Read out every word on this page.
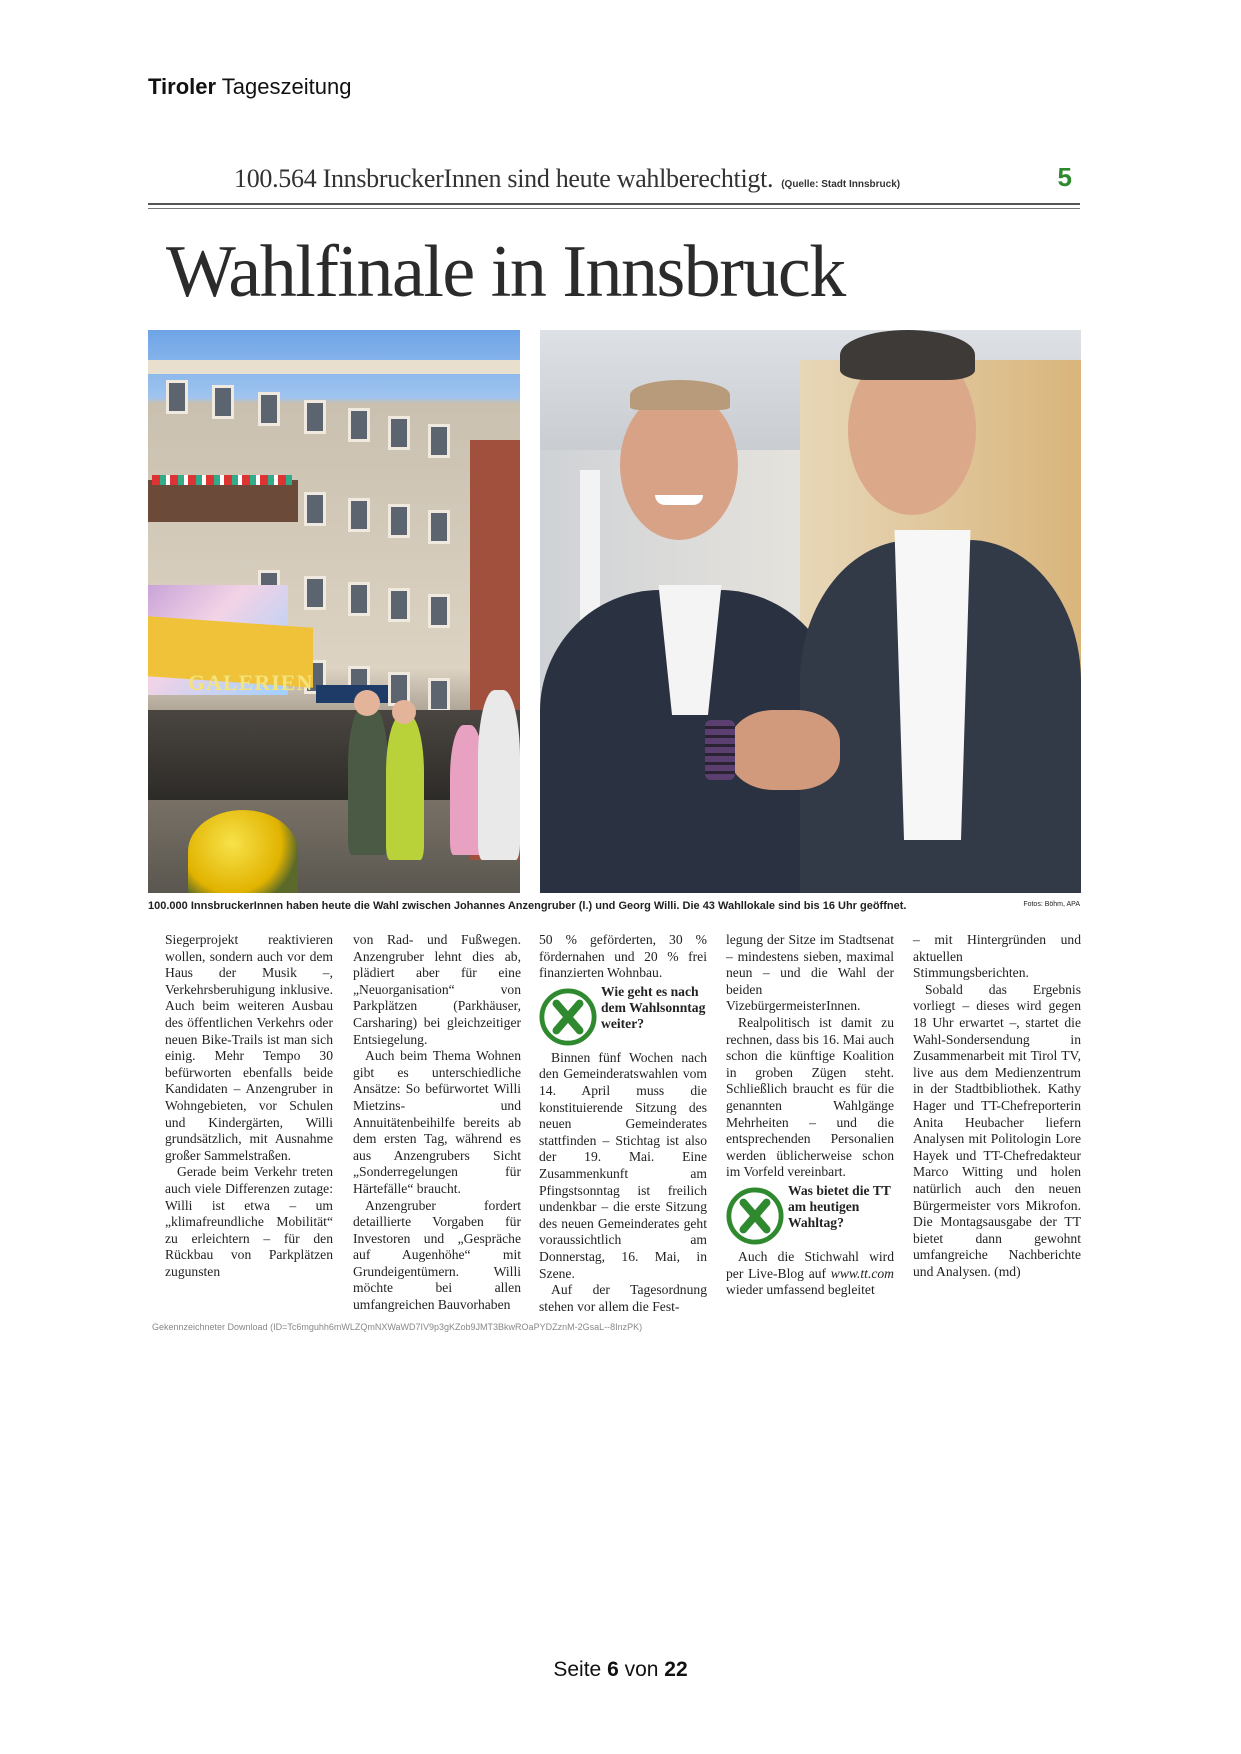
Tiroler Tageszeitung
100.564 InnsbruckerInnen sind heute wahlberechtigt. (Quelle: Stadt Innsbruck)	5
Wahlfinale in Innsbruck
GALERIEN
100.000 InnsbruckerInnen haben heute die Wahl zwischen Johannes Anzengruber (l.) und Georg Willi. Die 43 Wahllokale sind bis 16 Uhr geöffnet.	Fotos: Böhm, APA

Siegerprojekt reaktivieren wollen, sondern auch vor dem Haus der Musik –, Verkehrsberuhigung inklusive. Auch beim weiteren Ausbau des öffentlichen Verkehrs oder neuen Bike-Trails ist man sich einig. Mehr Tempo 30 befürworten ebenfalls beide Kandidaten – Anzengruber in Wohngebieten, vor Schulen und Kindergärten, Willi grundsätzlich, mit Ausnahme großer Sammelstraßen.

Gerade beim Verkehr treten auch viele Differenzen zutage: Willi ist etwa – um „klimafreundliche Mobilität“ zu erleichtern – für den Rückbau von Parkplätzen zugunsten

von Rad- und Fußwegen. Anzengruber lehnt dies ab, plädiert aber für eine „Neuorganisation“ von Parkplätzen (Parkhäuser, Carsharing) bei gleichzeitiger Entsiegelung.

Auch beim Thema Wohnen gibt es unterschiedliche Ansätze: So befürwortet Willi Mietzins- und Annuitätenbeihilfe bereits ab dem ersten Tag, während es aus Anzengrubers Sicht „Sonderregelungen für Härtefälle“ braucht.

Anzengruber fordert detaillierte Vorgaben für Investoren und „Gespräche auf Augenhöhe“ mit Grundeigentümern. Willi möchte bei allen umfangreichen Bauvorhaben

50 % geförderten, 30 % fördernahen und 20 % frei finanzierten Wohnbau.

Wie geht es nach dem Wahlsonntag weiter?

Binnen fünf Wochen nach den Gemeinderatswahlen vom 14. April muss die konstituierende Sitzung des neuen Gemeinderates stattfinden – Stichtag ist also der 19. Mai. Eine Zusammenkunft am Pfingstsonntag ist freilich undenkbar – die erste Sitzung des neuen Gemeinderates geht voraussichtlich am Donnerstag, 16. Mai, in Szene.

Auf der Tagesordnung stehen vor allem die Fest-

legung der Sitze im Stadtsenat – mindestens sieben, maximal neun – und die Wahl der beiden VizebürgermeisterInnen.

Realpolitisch ist damit zu rechnen, dass bis 16. Mai auch schon die künftige Koalition in groben Zügen steht. Schließlich braucht es für die genannten Wahlgänge Mehrheiten – und die entsprechenden Personalien werden üblicherweise schon im Vorfeld vereinbart.

Was bietet die TT am heutigen Wahltag?

Auch die Stichwahl wird per Live-Blog auf www.tt.com wieder umfassend begleitet

– mit Hintergründen und aktuellen Stimmungsberichten.

Sobald das Ergebnis vorliegt – dieses wird gegen 18 Uhr erwartet –, startet die Wahl-Sondersendung in Zusammenarbeit mit Tirol TV, live aus dem Medienzentrum in der Stadtbibliothek. Kathy Hager und TT-Chefreporterin Anita Heubacher liefern Analysen mit Politologin Lore Hayek und TT-Chefredakteur Marco Witting und holen natürlich auch den neuen Bürgermeister vors Mikrofon. Die Montagsausgabe der TT bietet dann gewohnt umfangreiche Nachberichte und Analysen. (md)

Gekennzeichneter Download (ID=Tc6mguhh6mWLZQmNXWaWD7IV9p3gKZob9JMT3BkwROaPYDZznM-2GsaL--8InzPK)
Seite 6 von 22
